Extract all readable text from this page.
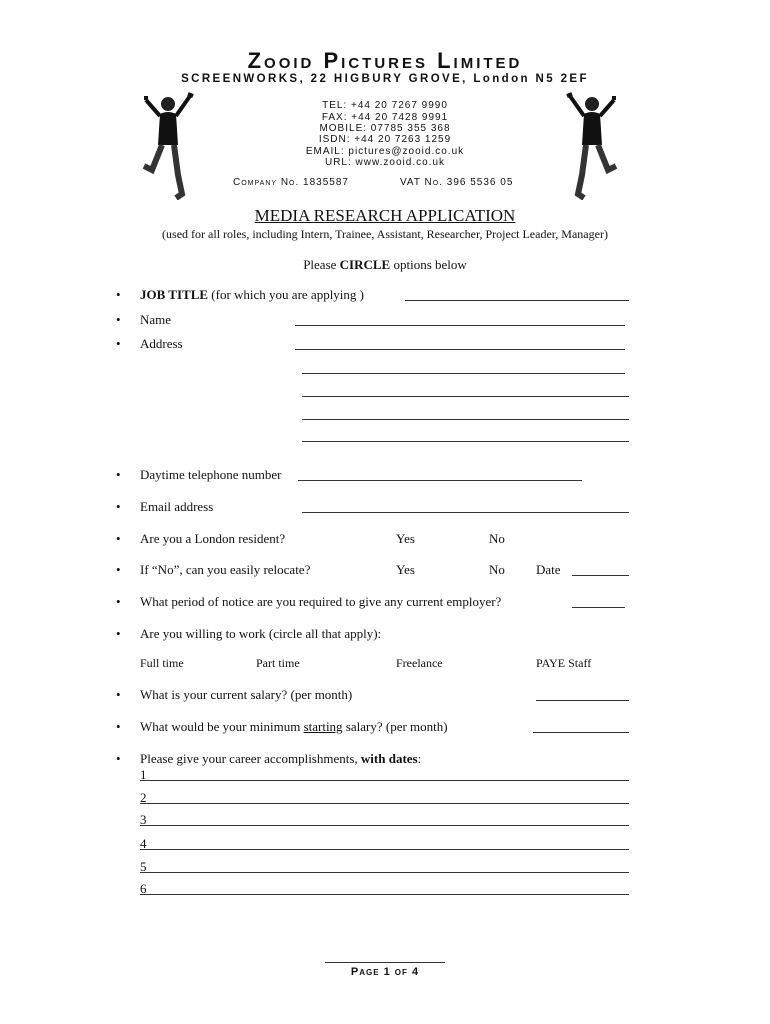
Zooid Pictures Limited
SCREENWORKS, 22 HIGBURY GROVE, London N5 2EF
TEL: +44 20 7267 9990
FAX: +44 20 7428 9991
MOBILE: 07785 355 368
ISDN: +44 20 7263 1259
EMAIL: pictures@zooid.co.uk
URL: www.zooid.co.uk
Company No. 1835587	VAT No. 396 5536 05
MEDIA RESEARCH APPLICATION
(used for all roles, including Intern, Trainee, Assistant, Researcher, Project Leader, Manager)
Please CIRCLE options below
• JOB TITLE (for which you are applying )
• Name
• Address
• Daytime telephone number
• Email address
• Are you a London resident?	Yes	No
• If “No”, can you easily relocate?	Yes	No Date
• What period of notice are you required to give any current employer?
• Are you willing to work (circle all that apply):
Full time	Part time	Freelance	PAYE Staff
• What is your current salary? (per month)
• What would be your minimum starting salary? (per month)
• Please give your career accomplishments, with dates:
1
2
3
4
5
6
Page 1 of 4
